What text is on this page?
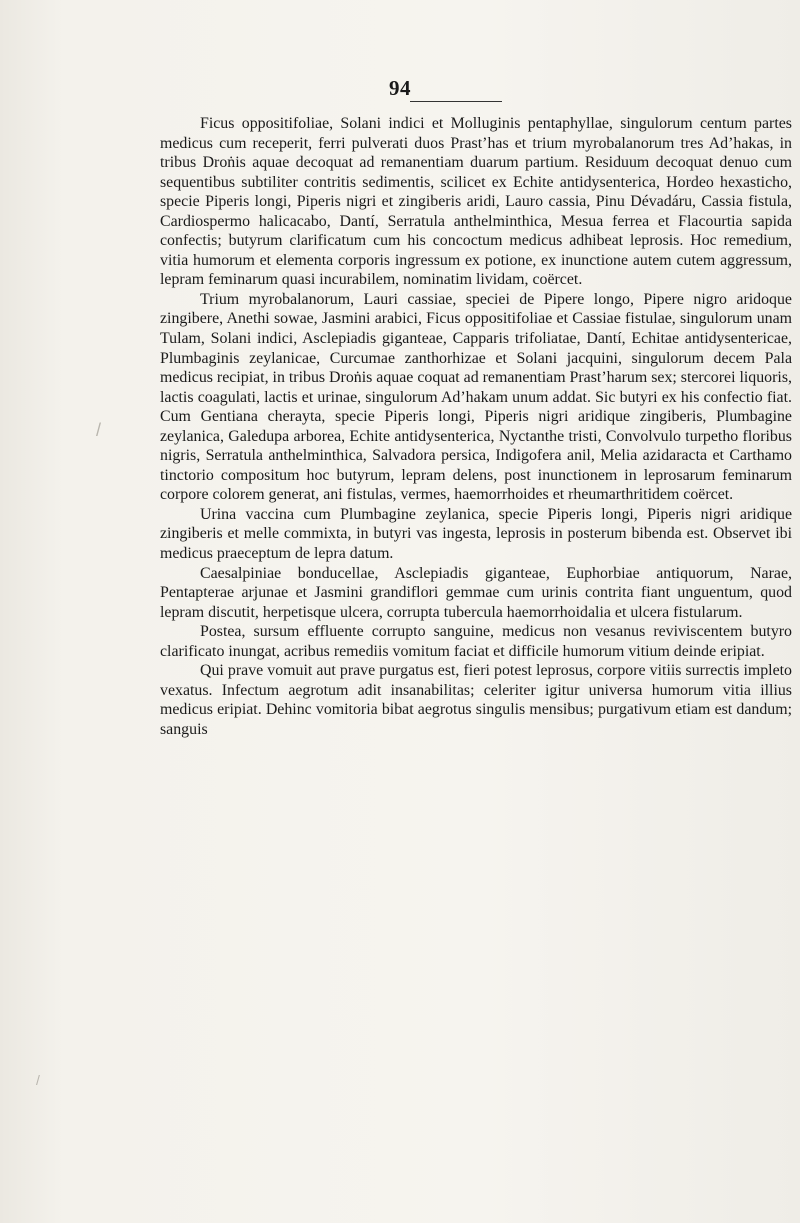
94
/
/

Ficus oppositifoliae, Solani indici et Molluginis pentaphyllae, singulorum centum partes medicus cum receperit, ferri pulverati duos Prast’has et trium myrobalanorum tres Ad’hakas, in tribus Droṅis aquae decoquat ad remanentiam duarum partium. Residuum decoquat denuo cum sequentibus subtiliter contritis sedimentis, scilicet ex Echite antidysenterica, Hordeo hexasticho, specie Piperis longi, Piperis nigri et zingiberis aridi, Lauro cassia, Pinu Dévadáru, Cassia fistula, Cardiospermo halicacabo, Dantí, Serratula anthelminthica, Mesua ferrea et Flacourtia sapida confectis; butyrum clarificatum cum his concoctum medicus adhibeat leprosis. Hoc remedium, vitia humorum et elementa corporis ingressum ex potione, ex inunctione autem cutem aggressum, lepram feminarum quasi incurabilem, nominatim lividam, coërcet.

Trium myrobalanorum, Lauri cassiae, speciei de Pipere longo, Pipere nigro aridoque zingibere, Anethi sowae, Jasmini arabici, Ficus oppositifoliae et Cassiae fistulae, singulorum unam Tulam, Solani indici, Asclepiadis giganteae, Capparis trifoliatae, Dantí, Echitae antidysentericae, Plumbaginis zeylanicae, Curcumae zanthorhizae et Solani jacquini, singulorum decem Pala medicus recipiat, in tribus Droṅis aquae coquat ad remanentiam Prast’harum sex; stercorei liquoris, lactis coagulati, lactis et urinae, singulorum Ad’hakam unum addat. Sic butyri ex his confectio fiat. Cum Gentiana cherayta, specie Piperis longi, Piperis nigri aridique zingiberis, Plumbagine zeylanica, Galedupa arborea, Echite antidysenterica, Nyctanthe tristi, Convolvulo turpetho floribus nigris, Serratula anthelminthica, Salvadora persica, Indigofera anil, Melia azidaracta et Carthamo tinctorio compositum hoc butyrum, lepram delens, post inunctionem in leprosarum feminarum corpore colorem generat, ani fistulas, vermes, haemorrhoides et rheumarthritidem coërcet.

Urina vaccina cum Plumbagine zeylanica, specie Piperis longi, Piperis nigri aridique zingiberis et melle commixta, in butyri vas ingesta, leprosis in posterum bibenda est. Observet ibi medicus praeceptum de lepra datum.

Caesalpiniae bonducellae, Asclepiadis giganteae, Euphorbiae antiquorum, Narae, Pentapterae arjunae et Jasmini grandiflori gemmae cum urinis contrita fiant unguentum, quod lepram discutit, herpetisque ulcera, corrupta tubercula haemorrhoidalia et ulcera fistularum.

Postea, sursum effluente corrupto sanguine, medicus non vesanus reviviscentem butyro clarificato inungat, acribus remediis vomitum faciat et difficile humorum vitium deinde eripiat.

Qui prave vomuit aut prave purgatus est, fieri potest leprosus, corpore vitiis surrectis impleto vexatus. Infectum aegrotum adit insanabilitas; celeriter igitur universa humorum vitia illius medicus eripiat. Dehinc vomitoria bibat aegrotus singulis mensibus; purgativum etiam est dandum; sanguis
